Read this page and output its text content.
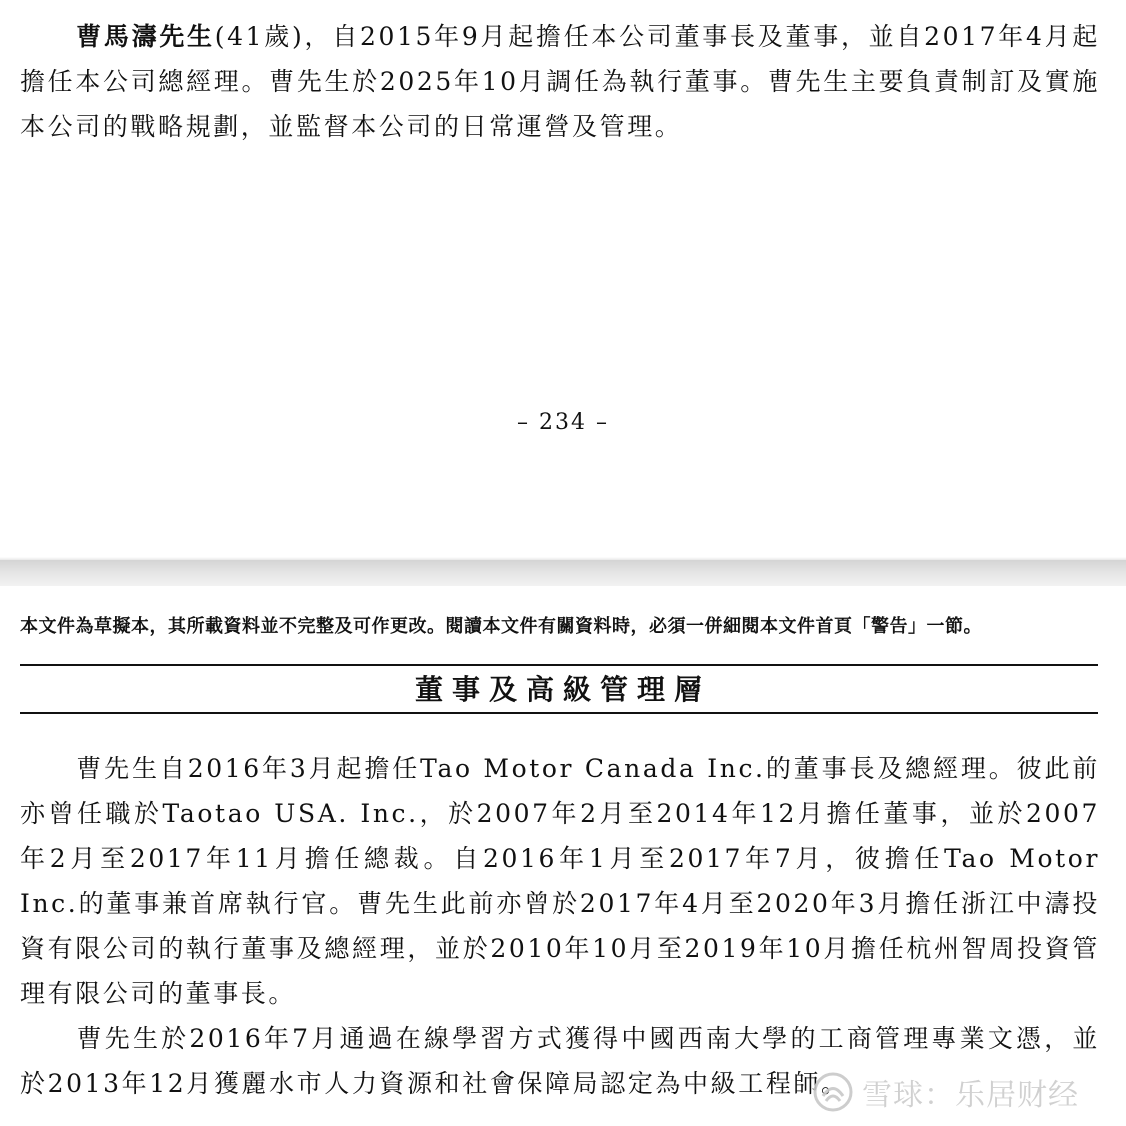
曹馬濤先生(41歲)，自2015年9月起擔任本公司董事長及董事，並自2017年4月起擔任本公司總經理。曹先生於2025年10月調任為執行董事。曹先生主要負責制訂及實施本公司的戰略規劃，並監督本公司的日常運營及管理。

– 234 –
本文件為草擬本，其所載資料並不完整及可作更改。閱讀本文件有關資料時，必須一併細閱本文件首頁「警告」一節。
董事及高級管理層

曹先生自2016年3月起擔任Tao Motor Canada Inc.的董事長及總經理。彼此前亦曾任職於Taotao USA. Inc.，於2007年2月至2014年12月擔任董事，並於2007年2月至2017年11月擔任總裁。自2016年1月至2017年7月，彼擔任Tao Motor Inc.的董事兼首席執行官。曹先生此前亦曾於2017年4月至2020年3月擔任浙江中濤投資有限公司的執行董事及總經理，並於2010年10月至2019年10月擔任杭州智周投資管理有限公司的董事長。

曹先生於2016年7月通過在線學習方式獲得中國西南大學的工商管理專業文憑，並於2013年12月獲麗水市人力資源和社會保障局認定為中級工程師。 雪球：乐居财经
